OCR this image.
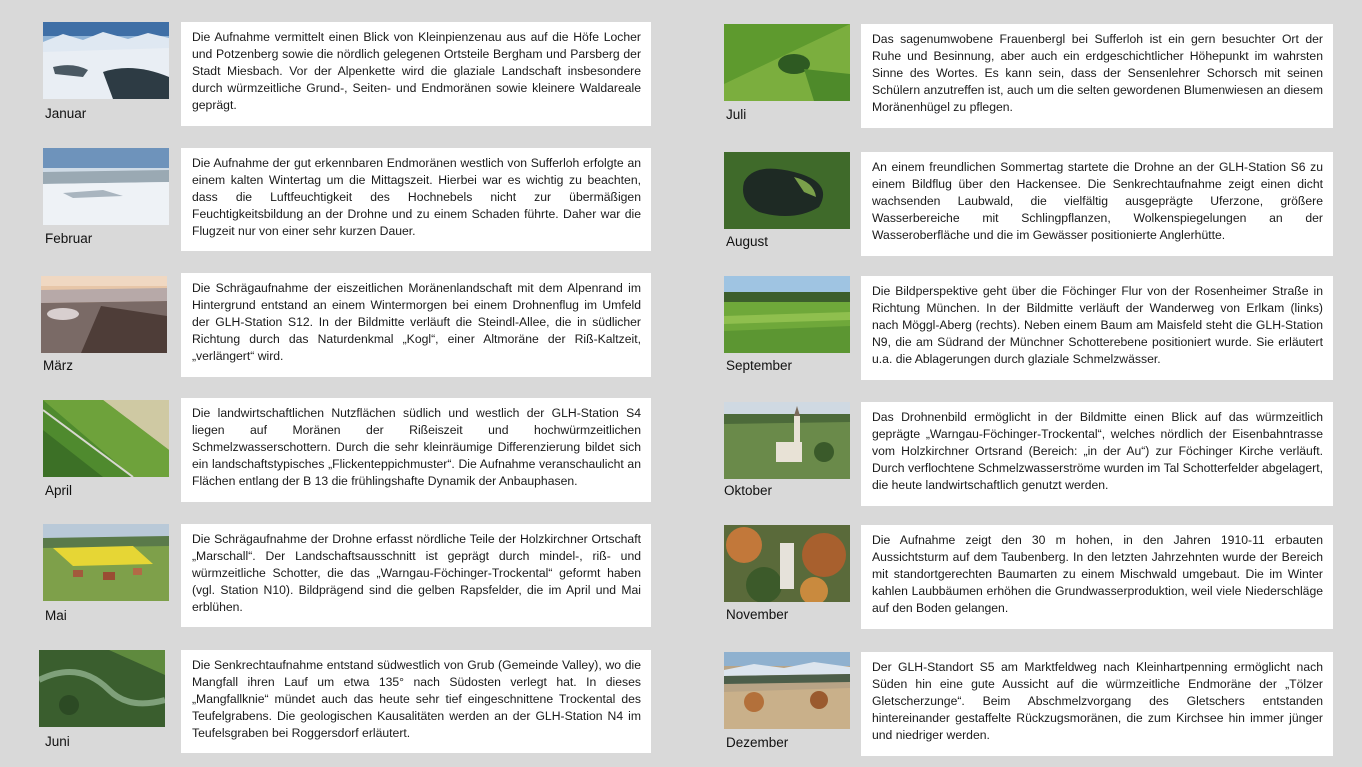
Januar
Die Aufnahme vermittelt einen Blick von Kleinpienzenau aus auf die Höfe Locher und Potzenberg sowie die nördlich gelegenen Ortsteile Bergham und Parsberg der Stadt Miesbach. Vor der Alpenkette wird die glaziale Landschaft insbesondere durch würmzeitliche Grund-, Seiten- und Endmoränen sowie kleinere Waldareale geprägt.
Februar
Die Aufnahme der gut erkennbaren Endmoränen westlich von Sufferloh erfolgte an einem kalten Wintertag um die Mittagszeit. Hierbei war es wichtig zu beachten, dass die Luftfeuchtigkeit des Hochnebels nicht zur übermäßigen Feuchtigkeitsbildung an der Drohne und zu einem Schaden führte. Daher war die Flugzeit nur von einer sehr kurzen Dauer.
März
Die Schrägaufnahme der eiszeitlichen Moränenlandschaft mit dem Alpenrand im Hintergrund entstand an einem Wintermorgen bei einem Drohnenflug im Umfeld der GLH-Station S12. In der Bildmitte verläuft die Steindl-Allee, die in südlicher Richtung durch das Naturdenkmal „Kogl“, einer Altmoräne der Riß-Kaltzeit, „verlängert“ wird.
April
Die landwirtschaftlichen Nutzflächen südlich und westlich der GLH-Station S4 liegen auf Moränen der Rißeiszeit und hochwürmzeitlichen Schmelzwasserschottern. Durch die sehr kleinräumige Differenzierung bildet sich ein landschaftstypisches „Flickenteppichmuster“. Die Aufnahme veranschaulicht an Flächen entlang der B 13 die frühlingshafte Dynamik der Anbauphasen.
Mai
Die Schrägaufnahme der Drohne erfasst nördliche Teile der Holzkirchner Ortschaft „Marschall“. Der Landschaftsausschnitt ist geprägt durch mindel-, riß- und würmzeitliche Schotter, die das „Warngau-Föchinger-Trockental“ geformt haben (vgl. Station N10). Bildprägend sind die gelben Rapsfelder, die im April und Mai erblühen.
Juni
Die Senkrechtaufnahme entstand südwestlich von Grub (Gemeinde Valley), wo die Mangfall ihren Lauf um etwa 135° nach Südosten verlegt hat. In dieses „Mangfallknie“ mündet auch das heute sehr tief eingeschnittene Trockental des Teufelgrabens. Die geologischen Kausalitäten werden an der GLH-Station N4 im Teufelsgraben bei Roggersdorf erläutert.
Juli
Das sagenumwobene Frauenbergl bei Sufferloh ist ein gern besuchter Ort der Ruhe und Besinnung, aber auch ein erdgeschichtlicher Höhepunkt im wahrsten Sinne des Wortes. Es kann sein, dass der Sensenlehrer Schorsch mit seinen Schülern anzutreffen ist, auch um die selten gewordenen Blumenwiesen an diesem Moränenhügel zu pflegen.
August
An einem freundlichen Sommertag startete die Drohne an der GLH-Station S6 zu einem Bildflug über den Hackensee. Die Senkrechtaufnahme zeigt einen dicht wachsenden Laubwald, die vielfältig ausgeprägte Uferzone, größere Wasserbereiche mit Schlingpflanzen, Wolkenspiegelungen an der Wasseroberfläche und die im Gewässer positionierte Anglerhütte.
September
Die Bildperspektive geht über die Föchinger Flur von der Rosenheimer Straße in Richtung München. In der Bildmitte verläuft der Wanderweg von Erlkam (links) nach Möggl-Aberg (rechts). Neben einem Baum am Maisfeld steht die GLH-Station N9, die am Südrand der Münchner Schotterebene positioniert wurde. Sie erläutert u.a. die Ablagerungen durch glaziale Schmelzwässer.
Oktober
Das Drohnenbild ermöglicht in der Bildmitte einen Blick auf das würmzeitlich geprägte „Warngau-Föchinger-Trockental“, welches nördlich der Eisenbahntrasse vom Holzkirchner Ortsrand (Bereich: „in der Au“) zur Föchinger Kirche verläuft. Durch verflochtene Schmelzwasserströme wurden im Tal Schotterfelder abgelagert, die heute landwirtschaftlich genutzt werden.
November
Die Aufnahme zeigt den 30 m hohen, in den Jahren 1910-11 erbauten Aussichtsturm auf dem Taubenberg. In den letzten Jahrzehnten wurde der Bereich mit standortgerechten Baumarten zu einem Mischwald umgebaut. Die im Winter kahlen Laubbäumen erhöhen die Grundwasserproduktion, weil viele Niederschläge auf den Boden gelangen.
Dezember
Der GLH-Standort S5 am Marktfeldweg nach Kleinhartpenning ermöglicht nach Süden hin eine gute Aussicht auf die würmzeitliche Endmoräne der „Tölzer Gletscherzunge“. Beim Abschmelzvorgang des Gletschers entstanden hintereinander gestaffelte Rückzugsmoränen, die zum Kirchsee hin immer jünger und niedriger werden.
